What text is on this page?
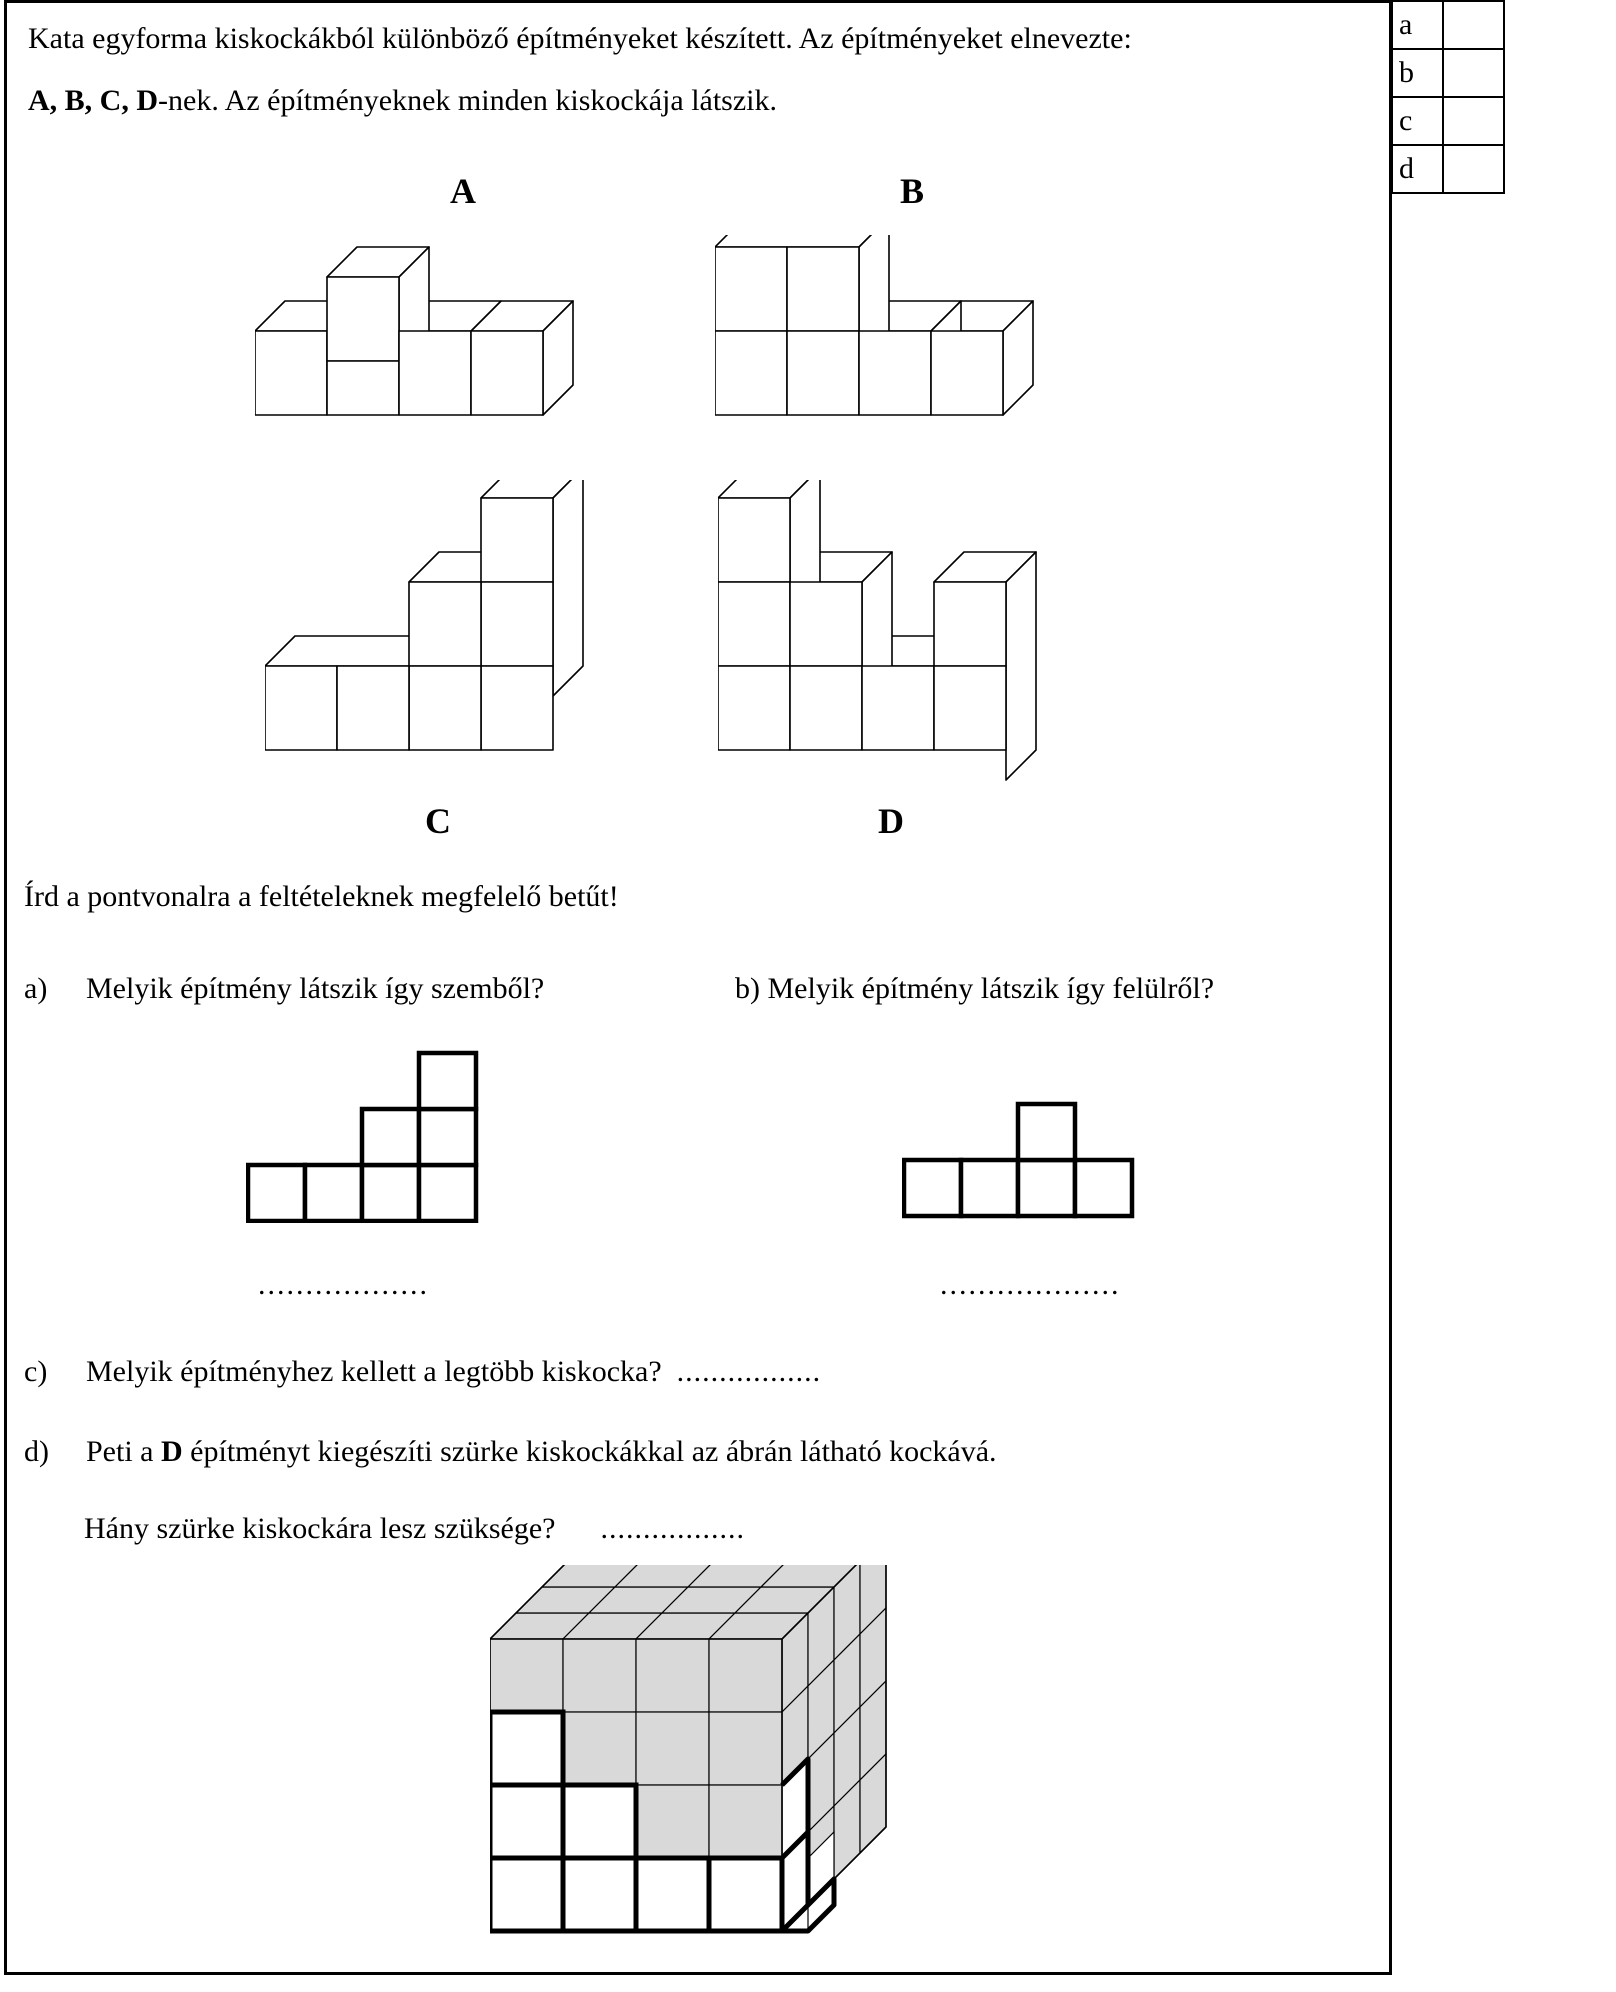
a	
b	
c	
d	
Kata egyforma kiskockákból különböző építményeket készített. Az építményeket elnevezte:
A, B, C, D-nek. Az építményeknek minden kiskockája látszik.
A	B
C	D
Írd a pontvonalra a feltételeknek megfelelő betűt!
a) Melyik építmény látszik így szemből?	b) Melyik építmény látszik így felülről?
..................	...................
c) Melyik építményhez kellett a legtöbb kiskocka? .................
d) Peti a D építményt kiegészíti szürke kiskockákkal az ábrán látható kockává.
Hány szürke kiskockára lesz szüksége? .................
